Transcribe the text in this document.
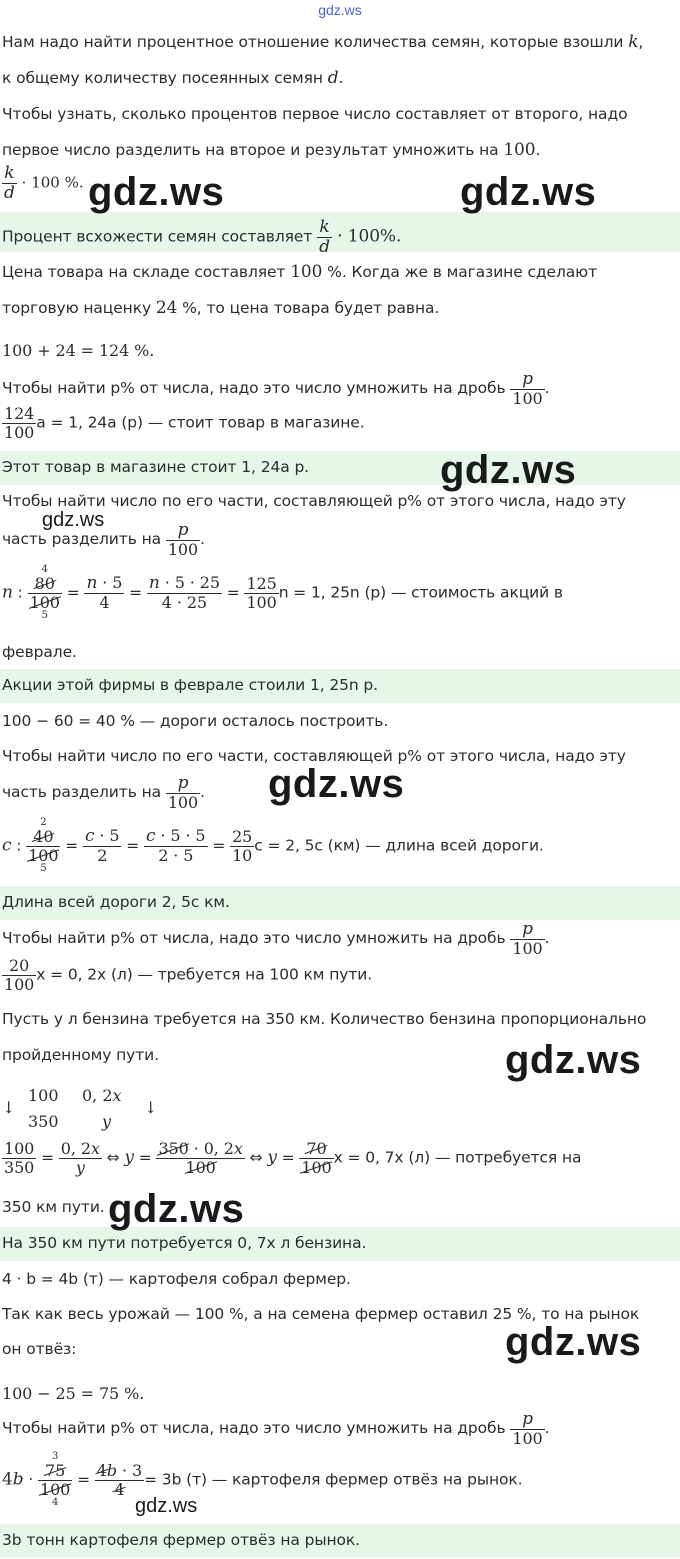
gdz.ws
Нам надо найти процентное отношение количества семян, которые взошли k,
к общему количеству посеянных семян d.
Чтобы узнать, сколько процентов первое число составляет от второго, надо
первое число разделить на второе и результат умножить на 100.
$\frac{k}{d} \cdot 100$ %.
Процент всхожести семян составляет $\frac{k}{d} \cdot 100\%$.
Цена товара на складе составляет 100 %. Когда же в магазине сделают
торговую наценку 24 %, то цена товара будет равна.
100 + 24 = 124 %.
Чтобы найти p% от числа, надо это число умножить на дробь $\frac{p}{100}$ .
$\frac{124}{100}$ a = 1, 24a (р) — стоит товар в магазине.
Этот товар в магазине стоит 1, 24a р.
Чтобы найти число по его части, составляющей p% от этого числа, надо эту
часть разделить на $\frac{p}{100}$ .
n : 4
80
100
$5 = \frac{n \cdot 5}{4} = \frac{n \cdot 5 \cdot 25}{4 \cdot 25} = \frac{125}{100}$ n = 1, 25n (р) — стоимость акций в
феврале.
Акции этой фирмы в феврале стоили 1, 25n р.
100 − 60 = 40 % — дороги осталось построить.
Чтобы найти число по его части, составляющей p% от этого числа, надо эту
часть разделить на $\frac{p}{100}$ .
c : 2
40
100
$5 = \frac{c \cdot 5}{2} = \frac{c \cdot 5 \cdot 5}{2 \cdot 5} = \frac{25}{10}$ c = 2, 5c (км) — длина всей дороги.
Длина всей дороги 2, 5c км.
Чтобы найти p% от числа, надо это число умножить на дробь $\frac{p}{100}$ .
$\frac{20}{100}$ x = 0, 2x (л) — требуется на 100 км пути.
Пусть y л бензина требуется на 350 км. Количество бензина пропорционально
пройденному пути.
↓
100
350
0, 2x
y
↓
$\frac{100}{350} = \frac{0, 2x}{y}$ ⇔ $y = \frac{350 \cdot 0, 2x}{100}$ ⇔ $y = \frac{70}{100}$ x = 0, 7x (л) — потребуется на
350 км пути.
На 350 км пути потребуется 0, 7x л бензина.
4 · b = 4b (т) — картофеля собрал фермер.
Так как весь урожай — 100 %, а на семена фермер оставил 25 %, то на рынок
он отвёз:
100 − 25 = 75 %.
Чтобы найти p% от числа, надо это число умножить на дробь $\frac{p}{100}$ .
4b · 3
75
100
$4 = \frac{4b \cdot 3}{4} = 3b$ (т) — картофеля фермер отвёз на рынок.
3b тонн картофеля фермер отвёз на рынок.
gdz.ws	gdz.ws
gdz.ws
gdz.ws
gdz.ws
gdz.ws
gdz.ws
gdz.ws
gdz.ws
